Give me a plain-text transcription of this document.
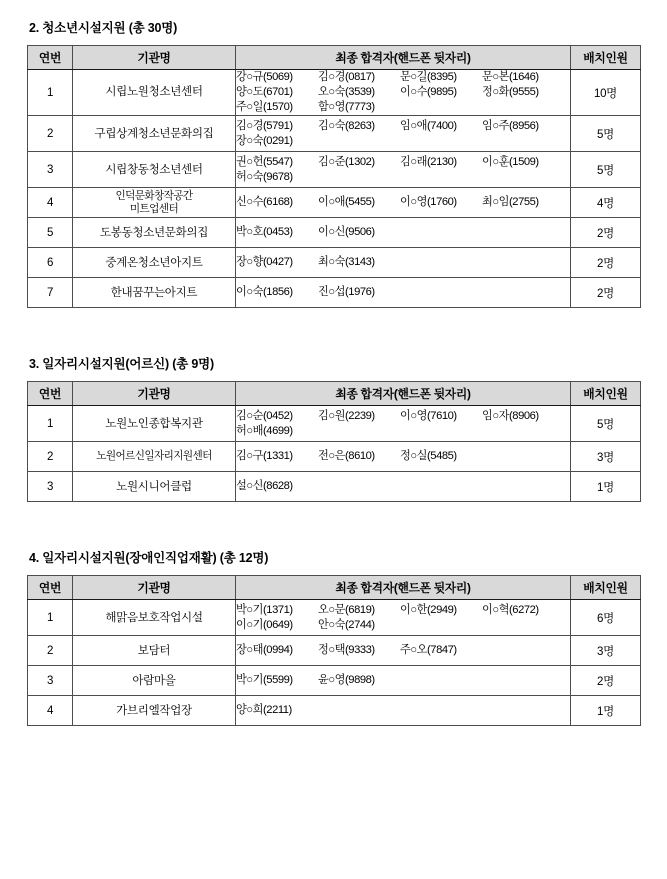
2. 청소년시설지원 (총 30명)
연번	기관명	최종 합격자(핸드폰 뒷자리)	배치인원
1	시립노원청소년센터	
강○규(5069)	김○경(0817)	문○길(8395)	문○본(1646)
양○도(6701)	오○숙(3539)	이○수(9895)	정○화(9555)
주○일(1570)	함○영(7773)
	10명
2	구립상계청소년문화의집	김○경(5791) 김○숙(8263) 임○애(7400) 임○주(8956)
장○숙(0291)	5명
3	시립창동청소년센터	권○헌(5547) 김○준(1302) 김○래(2130) 이○훈(1509)
허○숙(9678)	5명
4	인덕문화창작공간
미트업센터	신○수(6168) 이○애(5455) 이○영(1760) 최○임(2755)	4명
5	도봉동청소년문화의집	박○호(0453) 이○신(9506)	2명
6	중계온청소년아지트	장○향(0427) 최○숙(3143)	2명
7	한내꿈꾸는아지트	이○숙(1856) 진○섭(1976)	2명
3. 일자리시설지원(어르신) (총 9명)
연번	기관명	최종 합격자(핸드폰 뒷자리)	배치인원
1	노원노인종합복지관	김○순(0452) 김○원(2239) 이○영(7610) 임○자(8906)
허○배(4699)	5명
2	노원어르신일자리지원센터	김○구(1331) 전○은(8610) 정○실(5485)	3명
3	노원시니어클럽	설○신(8628)	1명
4. 일자리시설지원(장애인직업재활) (총 12명)
연번	기관명	최종 합격자(핸드폰 뒷자리)	배치인원
1	해맑음보호작업시설	
박○기(1371)	오○문(6819)	이○한(2949)	이○혁(6272)
이○기(0649)	안○숙(2744)	6명
2	보담터	장○태(0994) 정○택(9333) 주○오(7847)	3명
3	아람마을	박○기(5599) 윤○영(9898)	2명
4	가브리엘작업장	양○희(2211)	1명
